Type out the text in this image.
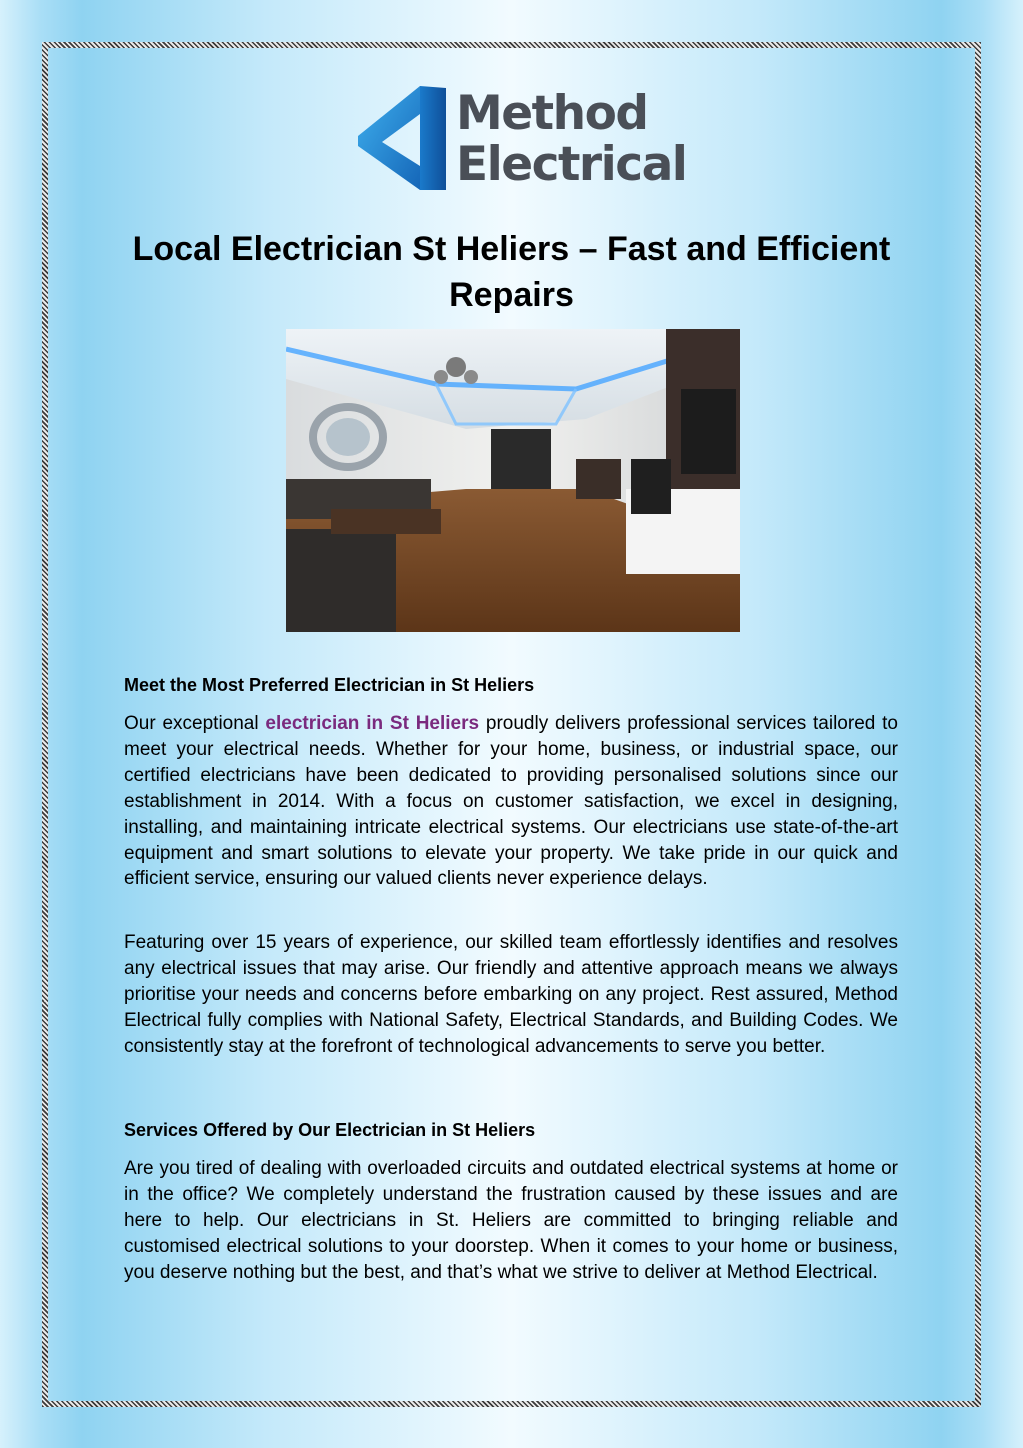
Method
Electrical
Local Electrician St Heliers – Fast and Efficient Repairs
Meet the Most Preferred Electrician in St Heliers

Our exceptional electrician in St Heliers proudly delivers professional services tailored to meet your electrical needs. Whether for your home, business, or industrial space, our certified electricians have been dedicated to providing personalised solutions since our establishment in 2014. With a focus on customer satisfaction, we excel in designing, installing, and maintaining intricate electrical systems. Our electricians use state-of-the-art equipment and smart solutions to elevate your property. We take pride in our quick and efficient service, ensuring our valued clients never experience delays.

Featuring over 15 years of experience, our skilled team effortlessly identifies and resolves any electrical issues that may arise. Our friendly and attentive approach means we always prioritise your needs and concerns before embarking on any project. Rest assured, Method Electrical fully complies with National Safety, Electrical Standards, and Building Codes. We consistently stay at the forefront of technological advancements to serve you better.

Services Offered by Our Electrician in St Heliers

Are you tired of dealing with overloaded circuits and outdated electrical systems at home or in the office? We completely understand the frustration caused by these issues and are here to help. Our electricians in St. Heliers are committed to bringing reliable and customised electrical solutions to your doorstep. When it comes to your home or business, you deserve nothing but the best, and that’s what we strive to deliver at Method Electrical.
